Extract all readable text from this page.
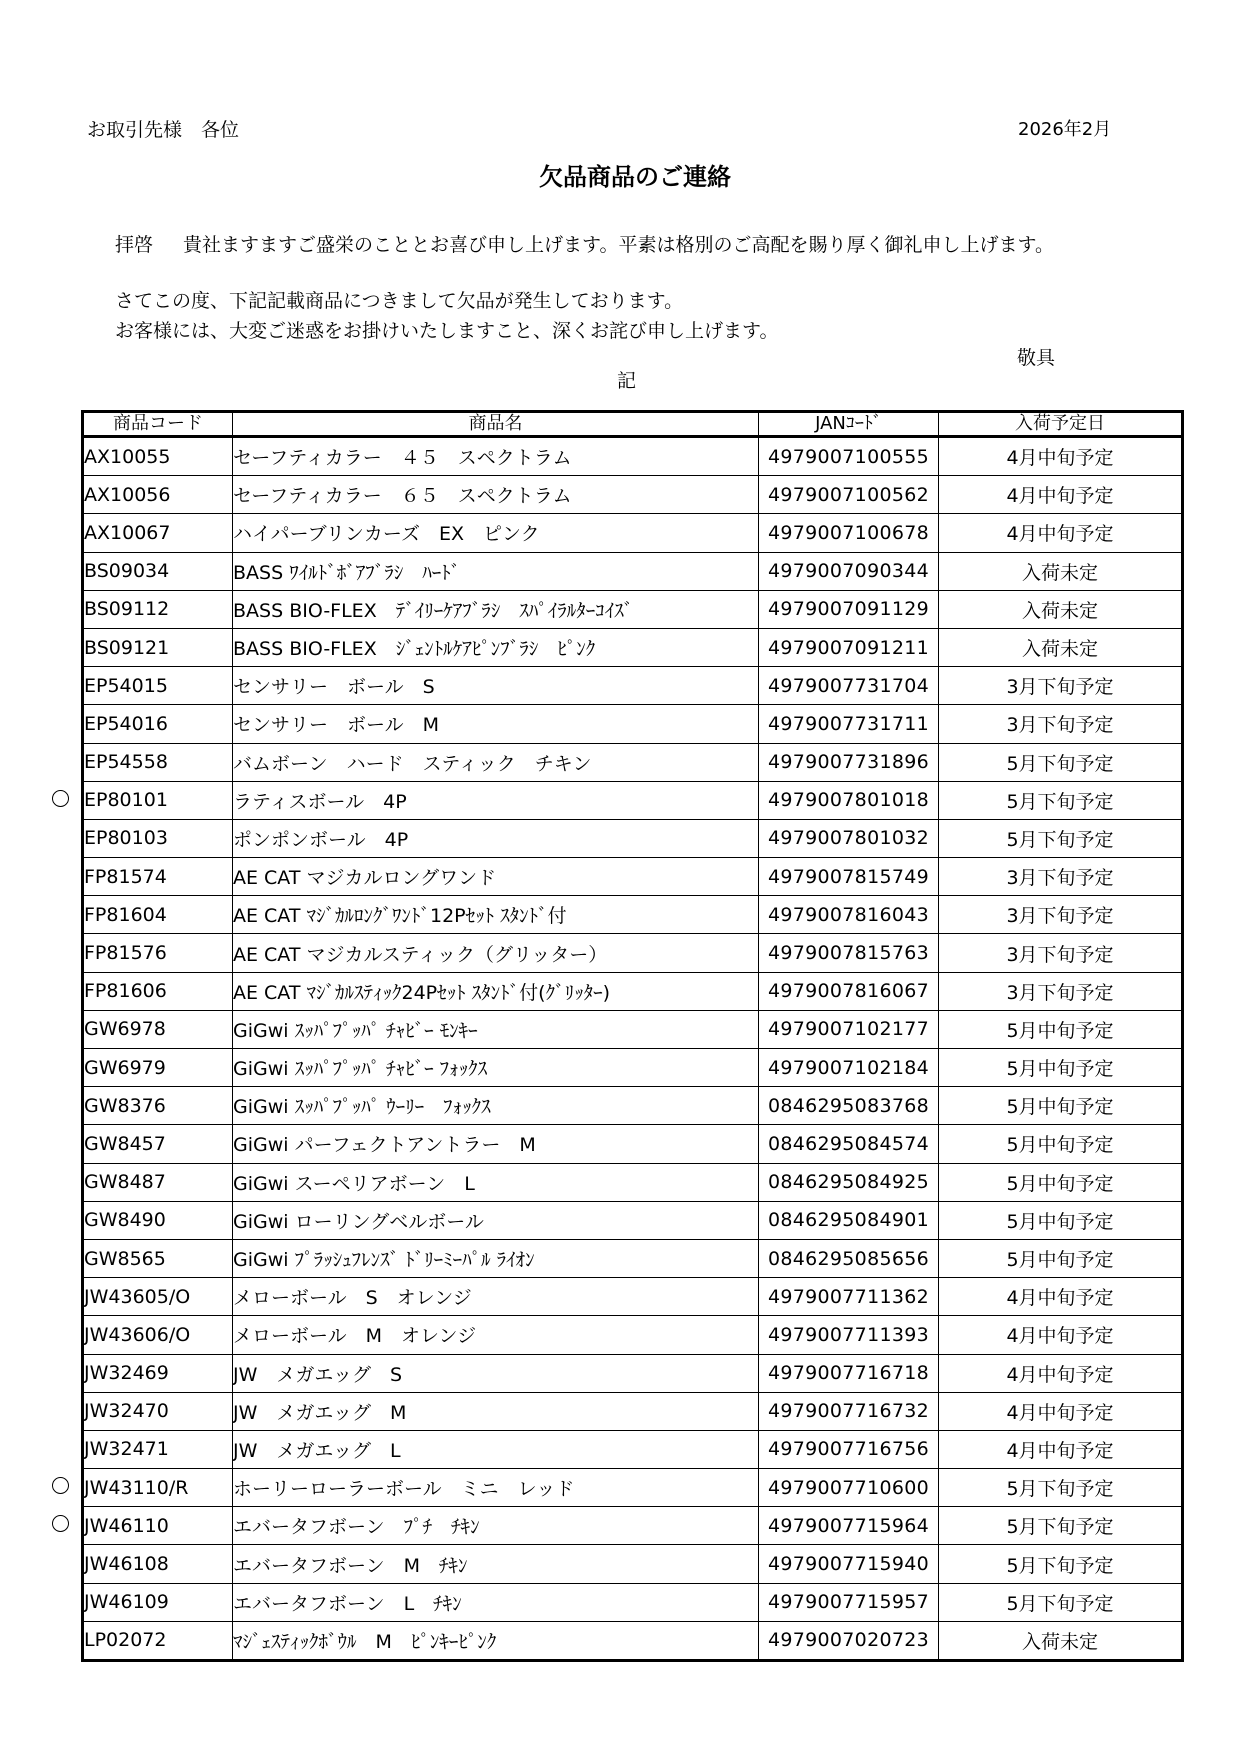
お取引先様　各位	2026年2月
欠品商品のご連絡
拝啓 貴社ますますご盛栄のこととお喜び申し上げます。平素は格別のご高配を賜り厚く御礼申し上げます。
さてこの度、下記記載商品につきまして欠品が発生しております。
お客様には、大変ご迷惑をお掛けいたしますこと、深くお詫び申し上げます。
敬具
記
商品コード	商品名	JANｺｰﾄﾞ	入荷予定日
AX10055	セーフティカラー　４５　スペクトラム	4979007100555	4月中旬予定
AX10056	セーフティカラー　６５　スペクトラム	4979007100562	4月中旬予定
AX10067	ハイパーブリンカーズ　EX　ピンク	4979007100678	4月中旬予定
BS09034	BASS ﾜｲﾙﾄﾞﾎﾞｱﾌﾞﾗｼ　ﾊｰﾄﾞ	4979007090344	入荷未定
BS09112	BASS BIO-FLEX　ﾃﾞｲﾘｰｹｱﾌﾞﾗｼ　ｽﾊﾟｲﾗﾙﾀｰｺｲｽﾞ	4979007091129	入荷未定
BS09121	BASS BIO-FLEX　ｼﾞｪﾝﾄﾙｹｱﾋﾟﾝﾌﾞﾗｼ　ﾋﾟﾝｸ	4979007091211	入荷未定
EP54015	センサリー　ボール　S	4979007731704	3月下旬予定
EP54016	センサリー　ボール　M	4979007731711	3月下旬予定
EP54558	バムボーン　ハード　スティック　チキン	4979007731896	5月下旬予定
EP80101	ラティスボール　4P	4979007801018	5月下旬予定
EP80103	ポンポンボール　4P	4979007801032	5月下旬予定
FP81574	AE CAT マジカルロングワンド	4979007815749	3月下旬予定
FP81604	AE CAT ﾏｼﾞｶﾙﾛﾝｸﾞﾜﾝﾄﾞ12Pｾｯﾄ ｽﾀﾝﾄﾞ付	4979007816043	3月下旬予定
FP81576	AE CAT マジカルスティック（グリッター）	4979007815763	3月下旬予定
FP81606	AE CAT ﾏｼﾞｶﾙｽﾃｨｯｸ24Pｾｯﾄ ｽﾀﾝﾄﾞ付(ｸﾞﾘｯﾀｰ)	4979007816067	3月下旬予定
GW6978	GiGwi ｽｯﾊﾟﾌﾟｯﾊﾟ ﾁｬﾋﾞｰ ﾓﾝｷｰ	4979007102177	5月中旬予定
GW6979	GiGwi ｽｯﾊﾟﾌﾟｯﾊﾟ ﾁｬﾋﾞｰ ﾌｫｯｸｽ	4979007102184	5月中旬予定
GW8376	GiGwi ｽｯﾊﾟﾌﾟｯﾊﾟ ｳｰﾘｰ　ﾌｫｯｸｽ	0846295083768	5月中旬予定
GW8457	GiGwi パーフェクトアントラー　M	0846295084574	5月中旬予定
GW8487	GiGwi スーペリアボーン　L	0846295084925	5月中旬予定
GW8490	GiGwi ローリングベルボール	0846295084901	5月中旬予定
GW8565	GiGwi ﾌﾟﾗｯｼｭﾌﾚﾝｽﾞ ﾄﾞﾘｰﾐｰﾊﾟﾙ ﾗｲｵﾝ	0846295085656	5月中旬予定
JW43605/O	メローボール　S　オレンジ	4979007711362	4月中旬予定
JW43606/O	メローボール　M　オレンジ	4979007711393	4月中旬予定
JW32469	JW　メガエッグ　S	4979007716718	4月中旬予定
JW32470	JW　メガエッグ　M	4979007716732	4月中旬予定
JW32471	JW　メガエッグ　L	4979007716756	4月中旬予定
JW43110/R	ホーリーローラーボール　ミニ　レッド	4979007710600	5月下旬予定
JW46110	エバータフボーン　ﾌﾟﾁ　ﾁｷﾝ	4979007715964	5月下旬予定
JW46108	エバータフボーン　M　ﾁｷﾝ	4979007715940	5月下旬予定
JW46109	エバータフボーン　L　ﾁｷﾝ	4979007715957	5月下旬予定
LP02072	ﾏｼﾞｪｽﾃｨｯｸﾎﾞｳﾙ　M　ﾋﾟﾝｷｰﾋﾟﾝｸ	4979007020723	入荷未定
